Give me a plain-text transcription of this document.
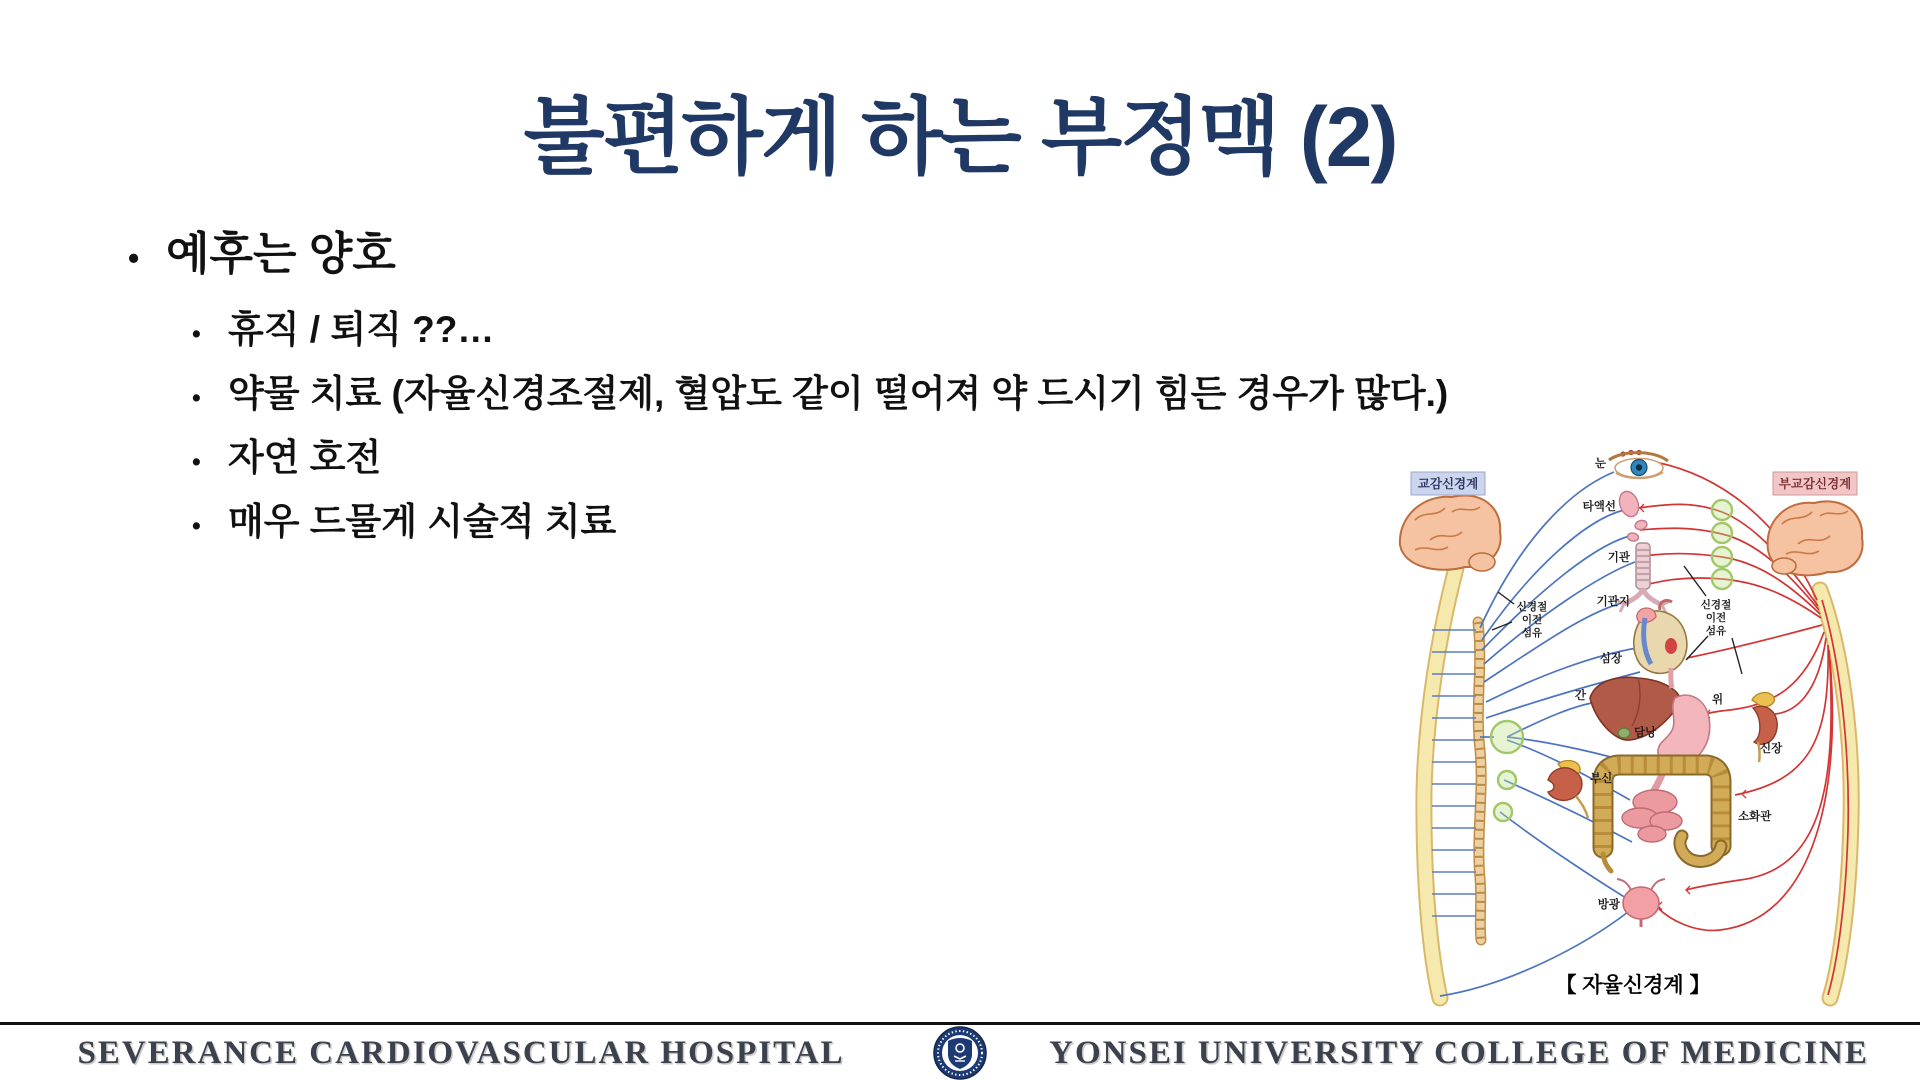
불편하게 하는 부정맥 (2)
• 예후는 양호
• 휴직 / 퇴직 ??…
• 약물 치료 (자율신경조절제, 혈압도 같이 떨어져 약 드시기 힘든 경우가 많다.)
• 자연 호전
• 매우 드물게 시술적 치료
교감신경계	부교감신경계
눈
타액선
기관
기관지
심장
간
담낭
위
신장
부신
소화관
방광
신경절
이전
섬유
신경절
이전
섬유
【 자율신경계 】
SEVERANCE CARDIOVASCULAR HOSPITAL	YONSEI UNIVERSITY COLLEGE OF MEDICINE
